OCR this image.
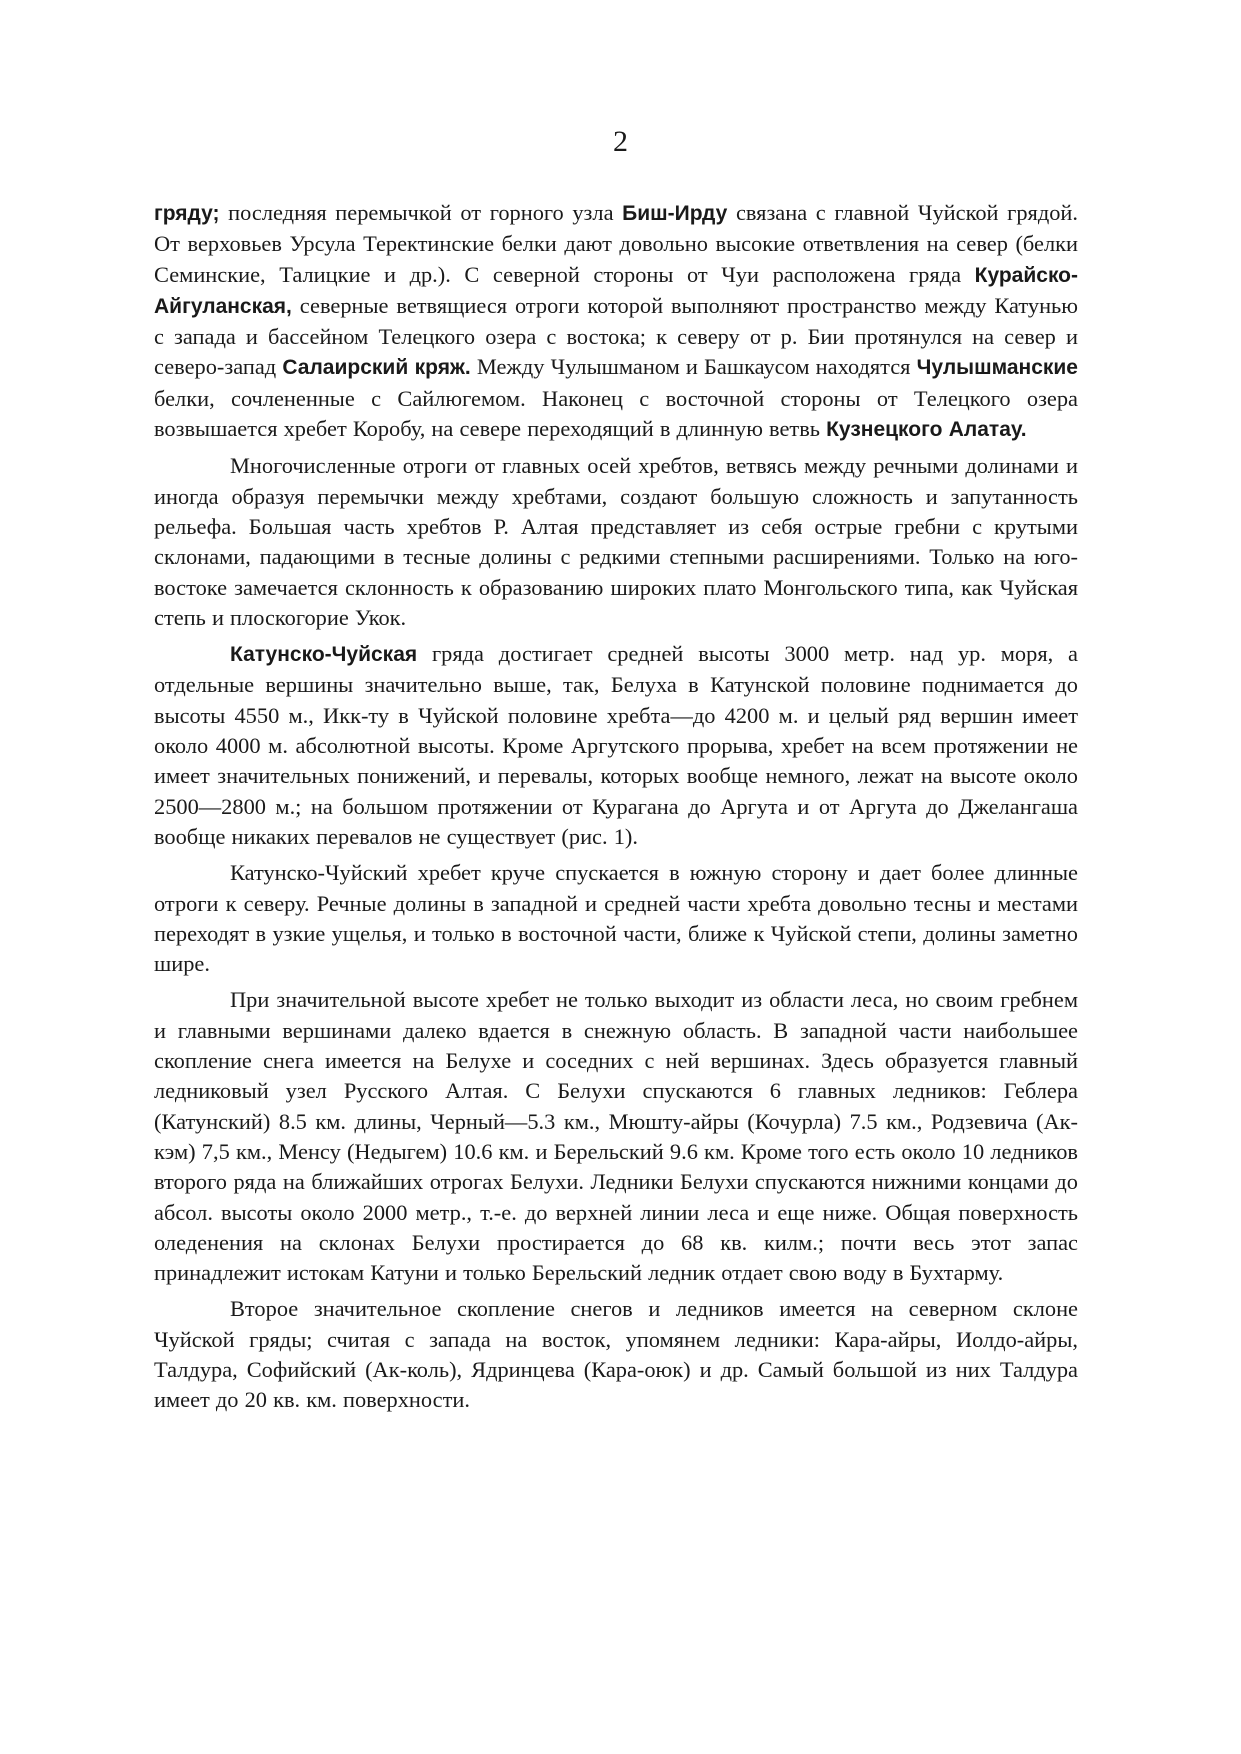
2

гряду; последняя перемычкой от горного узла Биш-Ирду связана с главной Чуйской грядой. От верховьев Урсула Теректинские белки дают довольно высокие ответвления на север (белки Семинские, Талицкие и др.). С северной стороны от Чуи расположена гряда Курайско-Айгуланская, северные ветвящиеся отроги которой выполняют пространство между Катунью с запада и бассейном Телецкого озера с востока; к северу от р. Бии протянулся на север и северо-запад Салаирский кряж. Между Чулышманом и Башкаусом находятся Чулышманские белки, сочлененные с Сайлюгемом. Наконец с восточной стороны от Телецкого озера возвышается хребет Коробу, на севере переходящий в длинную ветвь Кузнецкого Алатау.

Многочисленные отроги от главных осей хребтов, ветвясь между речными долинами и иногда образуя перемычки между хребтами, создают большую сложность и запутанность рельефа. Большая часть хребтов Р. Алтая представляет из себя острые гребни с крутыми склонами, падающими в тесные долины с редкими степными расширениями. Только на юго-востоке замечается склонность к образованию широких плато Монгольского типа, как Чуйская степь и плоскогорие Укок.

Катунско-Чуйская гряда достигает средней высоты 3000 метр. над ур. моря, а отдельные вершины значительно выше, так, Белуха в Катунской половине поднимается до высоты 4550 м., Икк-ту в Чуйской половине хребта—до 4200 м. и целый ряд вершин имеет около 4000 м. абсолютной высоты. Кроме Аргутского прорыва, хребет на всем протяжении не имеет значительных понижений, и перевалы, которых вообще немного, лежат на высоте около 2500—2800 м.; на большом протяжении от Курагана до Аргута и от Аргута до Джелангаша вообще никаких перевалов не существует (рис. 1).

Катунско-Чуйский хребет круче спускается в южную сторону и дает более длинные отроги к северу. Речные долины в западной и средней части хребта довольно тесны и местами переходят в узкие ущелья, и только в восточной части, ближе к Чуйской степи, долины заметно шире.

При значительной высоте хребет не только выходит из области леса, но своим гребнем и главными вершинами далеко вдается в снежную область. В западной части наибольшее скопление снега имеется на Белухе и соседних с ней вершинах. Здесь образуется главный ледниковый узел Русского Алтая. С Белухи спускаются 6 главных ледников: Геблера (Катунский) 8.5 км. длины, Черный—5.3 км., Мюшту-айры (Кочурла) 7.5 км., Родзевича (Ак-кэм) 7,5 км., Менсу (Недыгем) 10.6 км. и Берельский 9.6 км. Кроме того есть около 10 ледников второго ряда на ближайших отрогах Белухи. Ледники Белухи спускаются нижними концами до абсол. высоты около 2000 метр., т.-е. до верхней линии леса и еще ниже. Общая поверхность оледенения на склонах Белухи простирается до 68 кв. килм.; почти весь этот запас принадлежит истокам Катуни и только Берельский ледник отдает свою воду в Бухтарму.

Второе значительное скопление снегов и ледников имеется на северном склоне Чуйской гряды; считая с запада на восток, упомянем ледники: Кара-айры, Иолдо-айры, Талдура, Софийский (Ак-коль), Ядринцева (Кара-оюк) и др. Самый большой из них Талдура имеет до 20 кв. км. поверхности.
